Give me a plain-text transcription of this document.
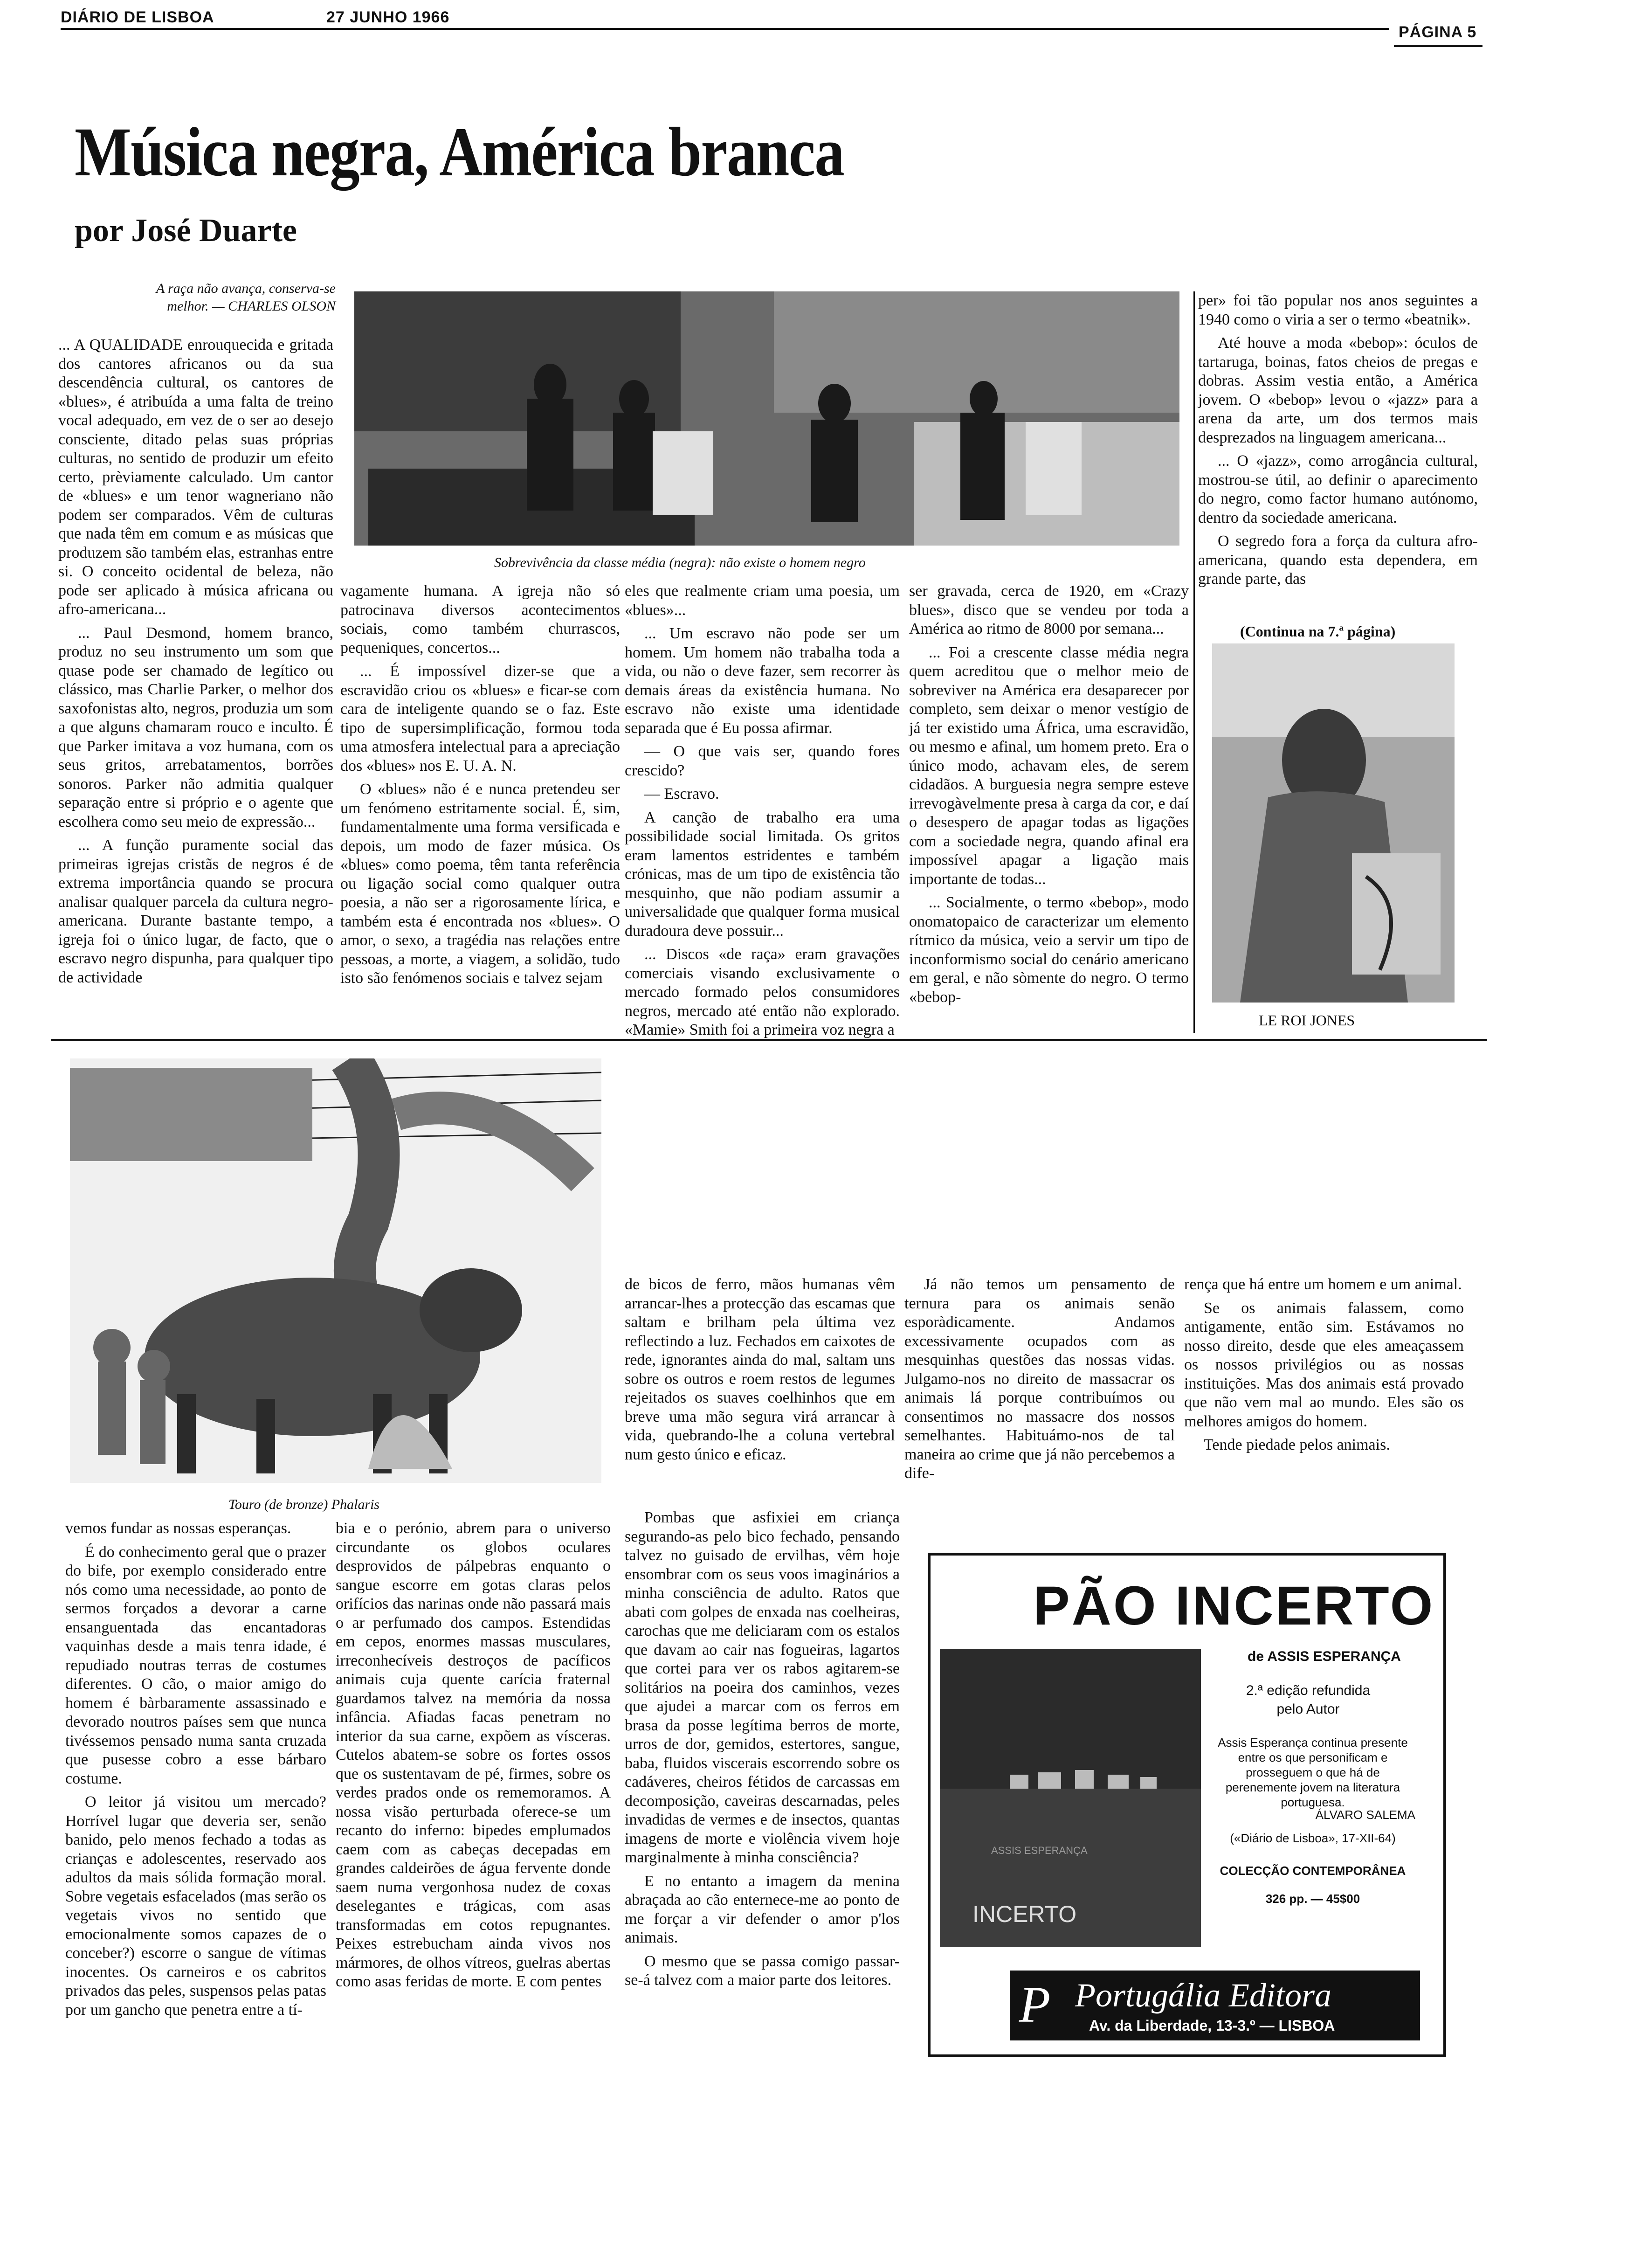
DIÁRIO DE LISBOA	27 JUNHO 1966
PÁGINA 5
Música negra, América branca
por José Duarte
A raça não avança, conserva-se
melhor. — CHARLES OLSON
Sobrevivência da classe média (negra): não existe o homem negro

... A QUALIDADE enrouquecida e gritada dos cantores africanos ou da sua descendência cultural, os cantores de «blues», é atribuída a uma falta de treino vocal adequado, em vez de o ser ao desejo consciente, ditado pelas suas próprias culturas, no sentido de produzir um efeito certo, prèviamente calculado. Um cantor de «blues» e um tenor wagneriano não podem ser comparados. Vêm de culturas que nada têm em comum e as músicas que produzem são também elas, estranhas entre si. O conceito ocidental de beleza, não pode ser aplicado à música africana ou afro-americana...

... Paul Desmond, homem branco, produz no seu instrumento um som que quase pode ser chamado de legítico ou clássico, mas Charlie Parker, o melhor dos saxofonistas alto, negros, produzia um som a que alguns chamaram rouco e inculto. É que Parker imitava a voz humana, com os seus gritos, arrebatamentos, borrões sonoros. Parker não admitia qualquer separação entre si próprio e o agente que escolhera como seu meio de expressão...

... A função puramente social das primeiras igrejas cristãs de negros é de extrema importância quando se procura analisar qualquer parcela da cultura negro-americana. Durante bastante tempo, a igreja foi o único lugar, de facto, que o escravo negro dispunha, para qualquer tipo de actividade

vagamente humana. A igreja não só patrocinava diversos acontecimentos sociais, como também churrascos, pequeniques, concertos...

... É impossível dizer-se que a escravidão criou os «blues» e ficar-se com cara de inteligente quando se o faz. Este tipo de supersimplificação, formou toda uma atmosfera intelectual para a apreciação dos «blues» nos E. U. A. N.

O «blues» não é e nunca pretendeu ser um fenómeno estritamente social. É, sim, fundamentalmente uma forma versificada e depois, um modo de fazer música. Os «blues» como poema, têm tanta referência ou ligação social como qualquer outra poesia, a não ser a rigorosamente lírica, e também esta é encontrada nos «blues». O amor, o sexo, a tragédia nas relações entre pessoas, a morte, a viagem, a solidão, tudo isto são fenómenos sociais e talvez sejam

eles que realmente criam uma poesia, um «blues»...

... Um escravo não pode ser um homem. Um homem não trabalha toda a vida, ou não o deve fazer, sem recorrer às demais áreas da existência humana. No escravo não existe uma identidade separada que é Eu possa afirmar.

— O que vais ser, quando fores crescido?

— Escravo.

A canção de trabalho era uma possibilidade social limitada. Os gritos eram lamentos estridentes e também crónicas, mas de um tipo de existência tão mesquinho, que não podiam assumir a universalidade que qualquer forma musical duradoura deve possuir...

... Discos «de raça» eram gravações comerciais visando exclusivamente o mercado formado pelos consumidores negros, mercado até então não explorado. «Mamie» Smith foi a primeira voz negra a

ser gravada, cerca de 1920, em «Crazy blues», disco que se vendeu por toda a América ao ritmo de 8000 por semana...

... Foi a crescente classe média negra quem acreditou que o melhor meio de sobreviver na América era desaparecer por completo, sem deixar o menor vestígio de já ter existido uma África, uma escravidão, ou mesmo e afinal, um homem preto. Era o único modo, achavam eles, de serem cidadãos. A burguesia negra sempre esteve irrevogàvelmente presa à carga da cor, e daí o desespero de apagar todas as ligações com a sociedade negra, quando afinal era impossível apagar a ligação mais importante de todas...

... Socialmente, o termo «bebop», modo onomatopaico de caracterizar um elemento rítmico da música, veio a servir um tipo de inconformismo social do cenário americano em geral, e não sòmente do negro. O termo «bebop-

per» foi tão popular nos anos seguintes a 1940 como o viria a ser o termo «beatnik».

Até houve a moda «bebop»: óculos de tartaruga, boinas, fatos cheios de pregas e dobras. Assim vestia então, a América jovem. O «bebop» levou o «jazz» para a arena da arte, um dos termos mais desprezados na linguagem americana...

... O «jazz», como arrogância cultural, mostrou-se útil, ao definir o aparecimento do negro, como factor humano autónomo, dentro da sociedade americana.

O segredo fora a força da cultura afro-americana, quando esta dependera, em grande parte, das

(Continua na 7.ª página)
LE ROI JONES
Touro (de bronze) Phalaris

de bicos de ferro, mãos humanas vêm arrancar-lhes a protecção das escamas que saltam e brilham pela última vez reflectindo a luz. Fechados em caixotes de rede, ignorantes ainda do mal, saltam uns sobre os outros e roem restos de legumes rejeitados os suaves coelhinhos que em breve uma mão segura virá arrancar à vida, quebrando-lhe a coluna vertebral num gesto único e eficaz.

Já não temos um pensamento de ternura para os animais senão esporàdicamente. Andamos excessivamente ocupados com as mesquinhas questões das nossas vidas. Julgamo-nos no direito de massacrar os animais lá porque contribuímos ou consentimos no massacre dos nossos semelhantes. Habituámo-nos de tal maneira ao crime que já não percebemos a dife-

rença que há entre um homem e um animal.

Se os animais falassem, como antigamente, então sim. Estávamos no nosso direito, desde que eles ameaçassem os nossos privilégios ou as nossas instituições. Mas dos animais está provado que não vem mal ao mundo. Eles são os melhores amigos do homem.

Tende piedade pelos animais.

vemos fundar as nossas esperanças.

É do conhecimento geral que o prazer do bife, por exemplo considerado entre nós como uma necessidade, ao ponto de sermos forçados a devorar a carne ensanguentada das encantadoras vaquinhas desde a mais tenra idade, é repudiado noutras terras de costumes diferentes. O cão, o maior amigo do homem é bàrbaramente assassinado e devorado noutros países sem que nunca tivéssemos pensado numa santa cruzada que pusesse cobro a esse bárbaro costume.

O leitor já visitou um mercado? Horrível lugar que deveria ser, senão banido, pelo menos fechado a todas as crianças e adolescentes, reservado aos adultos da mais sólida formação moral. Sobre vegetais esfacelados (mas serão os vegetais vivos no sentido que emocionalmente somos capazes de o conceber?) escorre o sangue de vítimas inocentes. Os carneiros e os cabritos privados das peles, suspensos pelas patas por um gancho que penetra entre a tí-

bia e o perónio, abrem para o universo circundante os globos oculares desprovidos de pálpebras enquanto o sangue escorre em gotas claras pelos orifícios das narinas onde não passará mais o ar perfumado dos campos. Estendidas em cepos, enormes massas musculares, irreconhecíveis destroços de pacíficos animais cuja quente carícia fraternal guardamos talvez na memória da nossa infância. Afiadas facas penetram no interior da sua carne, expõem as vísceras. Cutelos abatem-se sobre os fortes ossos que os sustentavam de pé, firmes, sobre os verdes prados onde os rememoramos. A nossa visão perturbada oferece-se um recanto do inferno: bipedes emplumados caem com as cabeças decepadas em grandes caldeirões de água fervente donde saem numa vergonhosa nudez de coxas deselegantes e trágicas, com asas transformadas em cotos repugnantes. Peixes estrebucham ainda vivos nos mármores, de olhos vítreos, guelras abertas como asas feridas de morte. E com pentes

Pombas que asfixiei em criança segurando-as pelo bico fechado, pensando talvez no guisado de ervilhas, vêm hoje ensombrar com os seus voos imaginários a minha consciência de adulto. Ratos que abati com golpes de enxada nas coelheiras, carochas que me deliciaram com os estalos que davam ao cair nas fogueiras, lagartos que cortei para ver os rabos agitarem-se solitários na poeira dos caminhos, vezes que ajudei a marcar com os ferros em brasa da posse legítima berros de morte, urros de dor, gemidos, estertores, sangue, baba, fluidos viscerais escorrendo sobre os cadáveres, cheiros fétidos de carcassas em decomposição, caveiras descarnadas, peles invadidas de vermes e de insectos, quantas imagens de morte e violência vivem hoje marginalmente à minha consciência?

E no entanto a imagem da menina abraçada ao cão enternece-me ao ponto de me forçar a vir defender o amor p'los animais.

O mesmo que se passa comigo passar-se-á talvez com a maior parte dos leitores.

PÃO INCERTO
de ASSIS ESPERANÇA
2.ª edição refundida
pelo Autor
Assis Esperança continua presente entre os que personificam e prosseguem o que há de perenemente jovem na literatura portuguesa.
ÁLVARO SALEMA
(«Diário de Lisboa», 17-XII-64)
COLECÇÃO CONTEMPORÂNEA
326 pp. — 45$00
ASSIS ESPERANÇA
INCERTO
P Portugália Editora
Av. da Liberdade, 13-3.º — LISBOA
